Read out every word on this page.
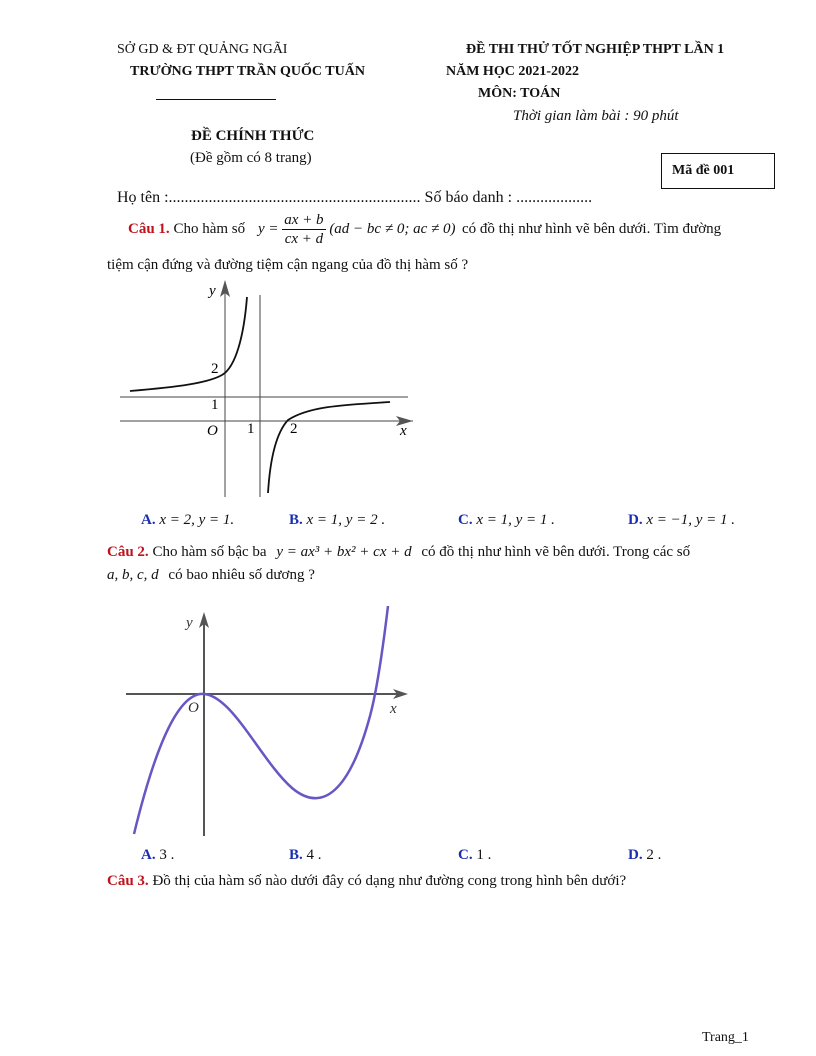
SỞ GD & ĐT QUẢNG NGÃI
TRƯỜNG THPT TRẦN QUỐC TUẤN
ĐỀ THI THỬ TỐT NGHIỆP THPT LẦN 1
NĂM HỌC 2021-2022
MÔN: TOÁN
Thời gian làm bài : 90 phút
ĐỀ CHÍNH THỨC
(Đề gồm có 8 trang)
Mã đề 001
Họ tên :............................................................... Số báo danh : ...................
Câu 1. Cho hàm số $y = \frac{ax + b}{cx + d} (ad$ − bc ≠ 0; ac ≠ 0) có đồ thị như hình vẽ bên dưới. Tìm đường
tiệm cận đứng và đường tiệm cận ngang của đồ thị hàm số ?
y
x
O 1 2
1
2
A. x = 2, y = 1.	B. x = 1, y = 2 .	C. x = 1, y = 1 .	D. x = −1, y = 1 .
Câu 2. Cho hàm số bậc ba y = ax³ + bx² + cx + d có đồ thị như hình vẽ bên dưới. Trong các số
a, b, c, d có bao nhiêu số dương ?
y
x
O
A. 3 .	B. 4 .	C. 1 .	D. 2 .
Câu 3. Đồ thị của hàm số nào dưới đây có dạng như đường cong trong hình bên dưới?
Trang_1
